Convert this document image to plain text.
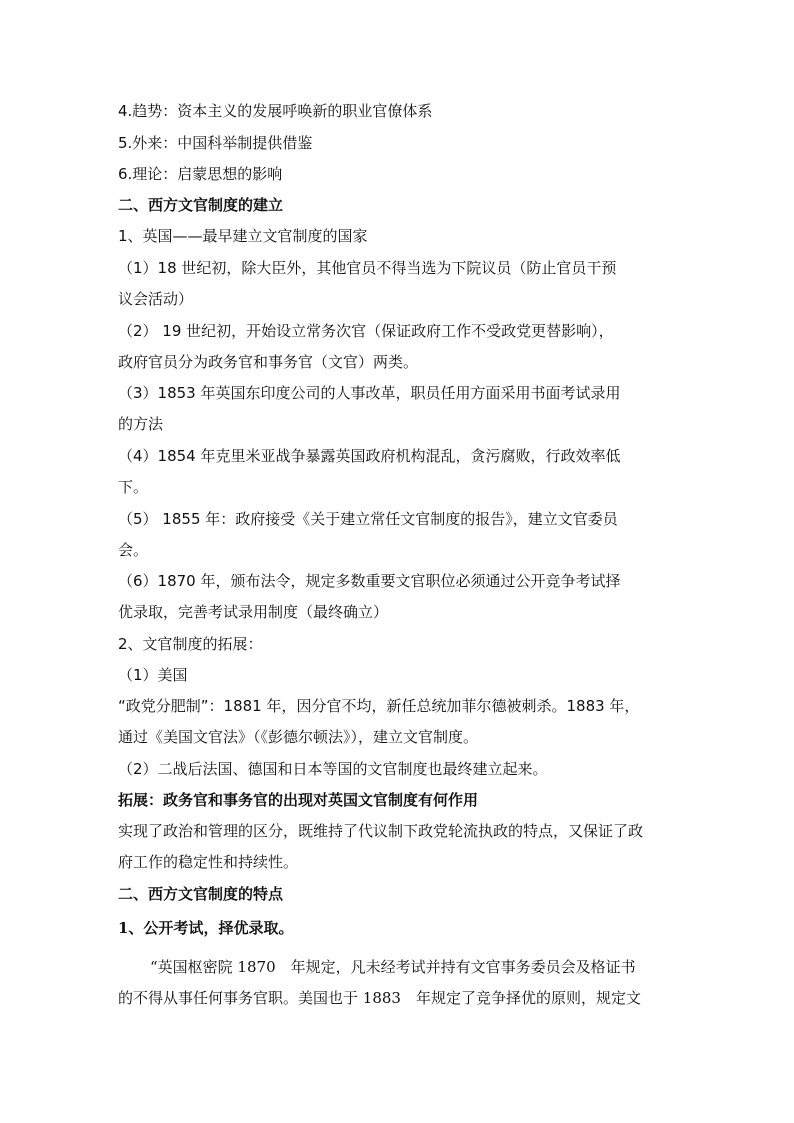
4.趋势：资本主义的发展呼唤新的职业官僚体系
5.外来：中国科举制提供借鉴
6.理论：启蒙思想的影响
二、西方文官制度的建立
1、英国——最早建立文官制度的国家
（1）18 世纪初，除大臣外，其他官员不得当选为下院议员（防止官员干预
议会活动）
（2） 19 世纪初，开始设立常务次官（保证政府工作不受政党更替影响），
政府官员分为政务官和事务官（文官）两类。
（3）1853 年英国东印度公司的人事改革，职员任用方面采用书面考试录用
的方法
（4）1854 年克里米亚战争暴露英国政府机构混乱，贪污腐败，行政效率低
下。
（5） 1855 年：政府接受《关于建立常任文官制度的报告》，建立文官委员
会。
（6）1870 年，颁布法令，规定多数重要文官职位必须通过公开竞争考试择
优录取，完善考试录用制度（最终确立）
2、文官制度的拓展：
（1）美国
“政党分肥制”：1881 年，因分官不均，新任总统加菲尔德被刺杀。1883 年，
通过《美国文官法》（《彭德尔顿法》），建立文官制度。
（2）二战后法国、德国和日本等国的文官制度也最终建立起来。
拓展：政务官和事务官的出现对英国文官制度有何作用
实现了政治和管理的区分，既维持了代议制下政党轮流执政的特点，又保证了政
府工作的稳定性和持续性。
二、西方文官制度的特点
1、公开考试，择优录取。
“英国枢密院 1870　年规定，凡未经考试并持有文官事务委员会及格证书
的不得从事任何事务官职。美国也于 1883　年规定了竞争择优的原则，规定文
